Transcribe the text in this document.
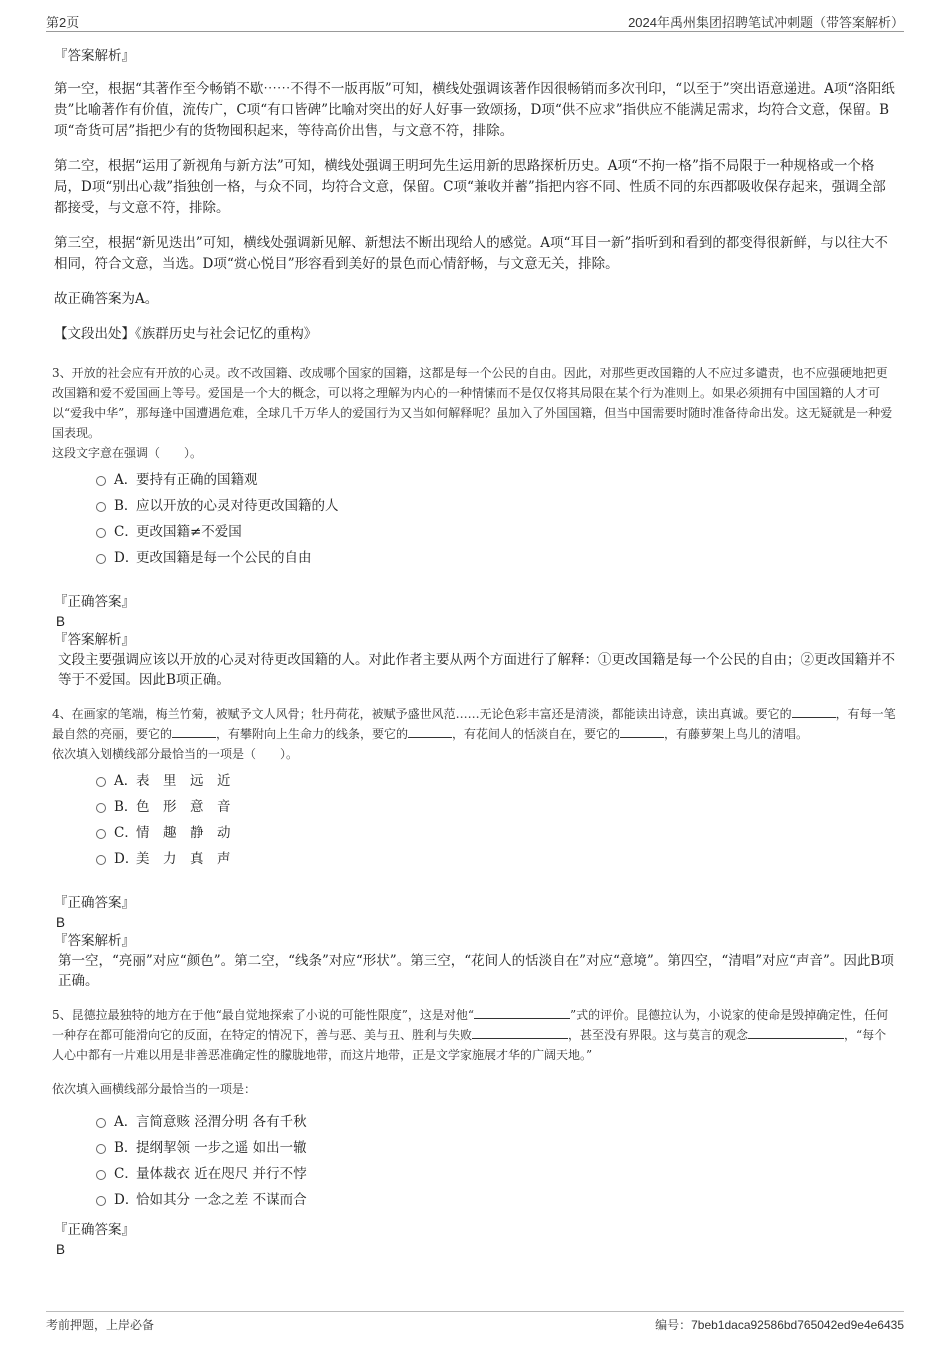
第2页	2024年禹州集团招聘笔试冲刺题（带答案解析）
『答案解析』

第一空，根据“其著作至今畅销不歇⋯⋯不得不一版再版”可知，横线处强调该著作因很畅销而多次刊印，“以至于”突出语意递进。A项“洛阳纸贵”比喻著作有价值，流传广，C项“有口皆碑”比喻对突出的好人好事一致颂扬，D项“供不应求”指供应不能满足需求，均符合文意，保留。B项“奇货可居”指把少有的货物囤积起来，等待高价出售，与文意不符，排除。

第二空，根据“运用了新视角与新方法”可知，横线处强调王明珂先生运用新的思路探析历史。A项“不拘一格”指不局限于一种规格或一个格局，D项“别出心裁”指独创一格，与众不同，均符合文意，保留。C项“兼收并蓄”指把内容不同、性质不同的东西都吸收保存起来，强调全部都接受，与文意不符，排除。

第三空，根据“新见迭出”可知，横线处强调新见解、新想法不断出现给人的感觉。A项“耳目一新”指听到和看到的都变得很新鲜，与以往大不相同，符合文意，当选。D项“赏心悦目”形容看到美好的景色而心情舒畅，与文意无关，排除。

故正确答案为A。

【文段出处】《族群历史与社会记忆的重构》

3、开放的社会应有开放的心灵。改不改国籍、改成哪个国家的国籍，这都是每一个公民的自由。因此，对那些更改国籍的人不应过多谴责，也不应强硬地把更改国籍和爱不爱国画上等号。爱国是一个大的概念，可以将之理解为内心的一种情愫而不是仅仅将其局限在某个行为准则上。如果必须拥有中国国籍的人才可以“爱我中华”，那每逢中国遭遇危难，全球几千万华人的爱国行为又当如何解释呢？虽加入了外国国籍，但当中国需要时随时准备待命出发。这无疑就是一种爱国表现。

这段文字意在强调（　　）。

A．
要持有正确的国籍观
B．
应以开放的心灵对待更改国籍的人
C．
更改国籍≠不爱国
D．
更改国籍是每一个公民的自由
『正确答案』
B
『答案解析』

文段主要强调应该以开放的心灵对待更改国籍的人。对此作者主要从两个方面进行了解释：①更改国籍是每一个公民的自由；②更改国籍并不等于不爱国。因此B项正确。

4、在画家的笔端，梅兰竹菊，被赋予文人风骨；牡丹荷花，被赋予盛世风范……无论色彩丰富还是清淡，都能读出诗意，读出真诚。要它的	，有每一笔最自然的亮丽，要它的	，有攀附向上生命力的线条，要它的	，有花间人的恬淡自在，要它的	，有藤萝架上鸟儿的清唱。

依次填入划横线部分最恰当的一项是（　　）。

A．
表　里　远　近
B．
色　形　意　音
C．
情　趣　静　动
D．
美　力　真　声
『正确答案』
B
『答案解析』

第一空，“亮丽”对应“颜色”。第二空，“线条”对应“形状”。第三空，“花间人的恬淡自在”对应“意境”。第四空，“清唱”对应“声音”。因此B项正确。

5、昆德拉最独特的地方在于他“最自觉地探索了小说的可能性限度”，这是对他“	”式的评价。昆德拉认为，小说家的使命是毁掉确定性，任何一种存在都可能滑向它的反面，在特定的情况下，善与恶、美与丑、胜利与失败	，甚至没有界限。这与莫言的观念	，“每个人心中都有一片难以用是非善恶准确定性的朦胧地带，而这片地带，正是文学家施展才华的广阔天地。”

依次填入画横线部分最恰当的一项是：

A．
言简意赅 泾渭分明 各有千秋
B．
提纲挈领 一步之遥 如出一辙
C．
量体裁衣 近在咫尺 并行不悖
D．
恰如其分 一念之差 不谋而合
『正确答案』
B
考前押题，上岸必备	编号：7beb1daca92586bd765042ed9e4e6435
